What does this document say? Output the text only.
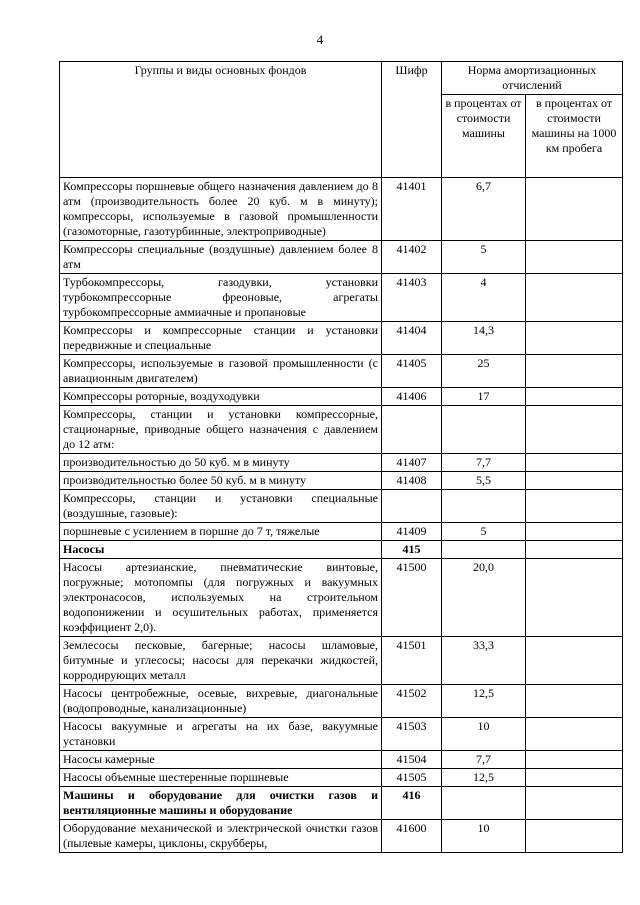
4
Группы и виды основных фондов	Шифр	Норма амортизационных отчислений	
		в процентах от стоимости машины	в процентах от стоимости машины на 1000 км пробега
Компрессоры поршневые общего назначения давлением до 8 атм (производительность более 20 куб. м в минуту); компрессоры, используемые в газовой промышленности (газомоторные, газотурбинные, электроприводные)	41401	6,7	
Компрессоры специальные (воздушные) давлением более 8 атм	41402	5	
Турбокомпрессоры, газодувки, установки турбокомпрессорные фреоновые, агрегаты турбокомпрессорные аммиачные и пропановые	41403	4	
Компрессоры и компрессорные станции и установки передвижные и специальные	41404	14,3	
Компрессоры, используемые в газовой промышленности (с авиационным двигателем)	41405	25	
Компрессоры роторные, воздуходувки	41406	17	
Компрессоры, станции и установки компрессорные, стационарные, приводные общего назначения с давлением до 12 атм:			
производительностью до 50 куб. м в минуту	41407	7,7	
производительностью более 50 куб. м в минуту	41408	5,5	
Компрессоры, станции и установки специальные (воздушные, газовые):			
поршневые с усилением в поршне до 7 т, тяжелые	41409	5	
Насосы	415		
Насосы артезианские, пневматические винтовые, погружные; мотопомпы (для погружных и вакуумных электронасосов, используемых на строительном водопонижении и осушительных работах, применяется коэффициент 2,0).	41500	20,0	
Землесосы песковые, багерные; насосы шламовые, битумные и углесосы; насосы для перекачки жидкостей, корродирующих металл	41501	33,3	
Насосы центробежные, осевые, вихревые, диагональные (водопроводные, канализационные)	41502	12,5	
Насосы вакуумные и агрегаты на их базе, вакуумные установки	41503	10	
Насосы камерные	41504	7,7	
Насосы объемные шестеренные поршневые	41505	12,5	
Машины и оборудование для очистки газов и вентиляционные машины и оборудование	416		
Оборудование механической и электрической очистки газов (пылевые камеры, циклоны, скрубберы,	41600	10	
